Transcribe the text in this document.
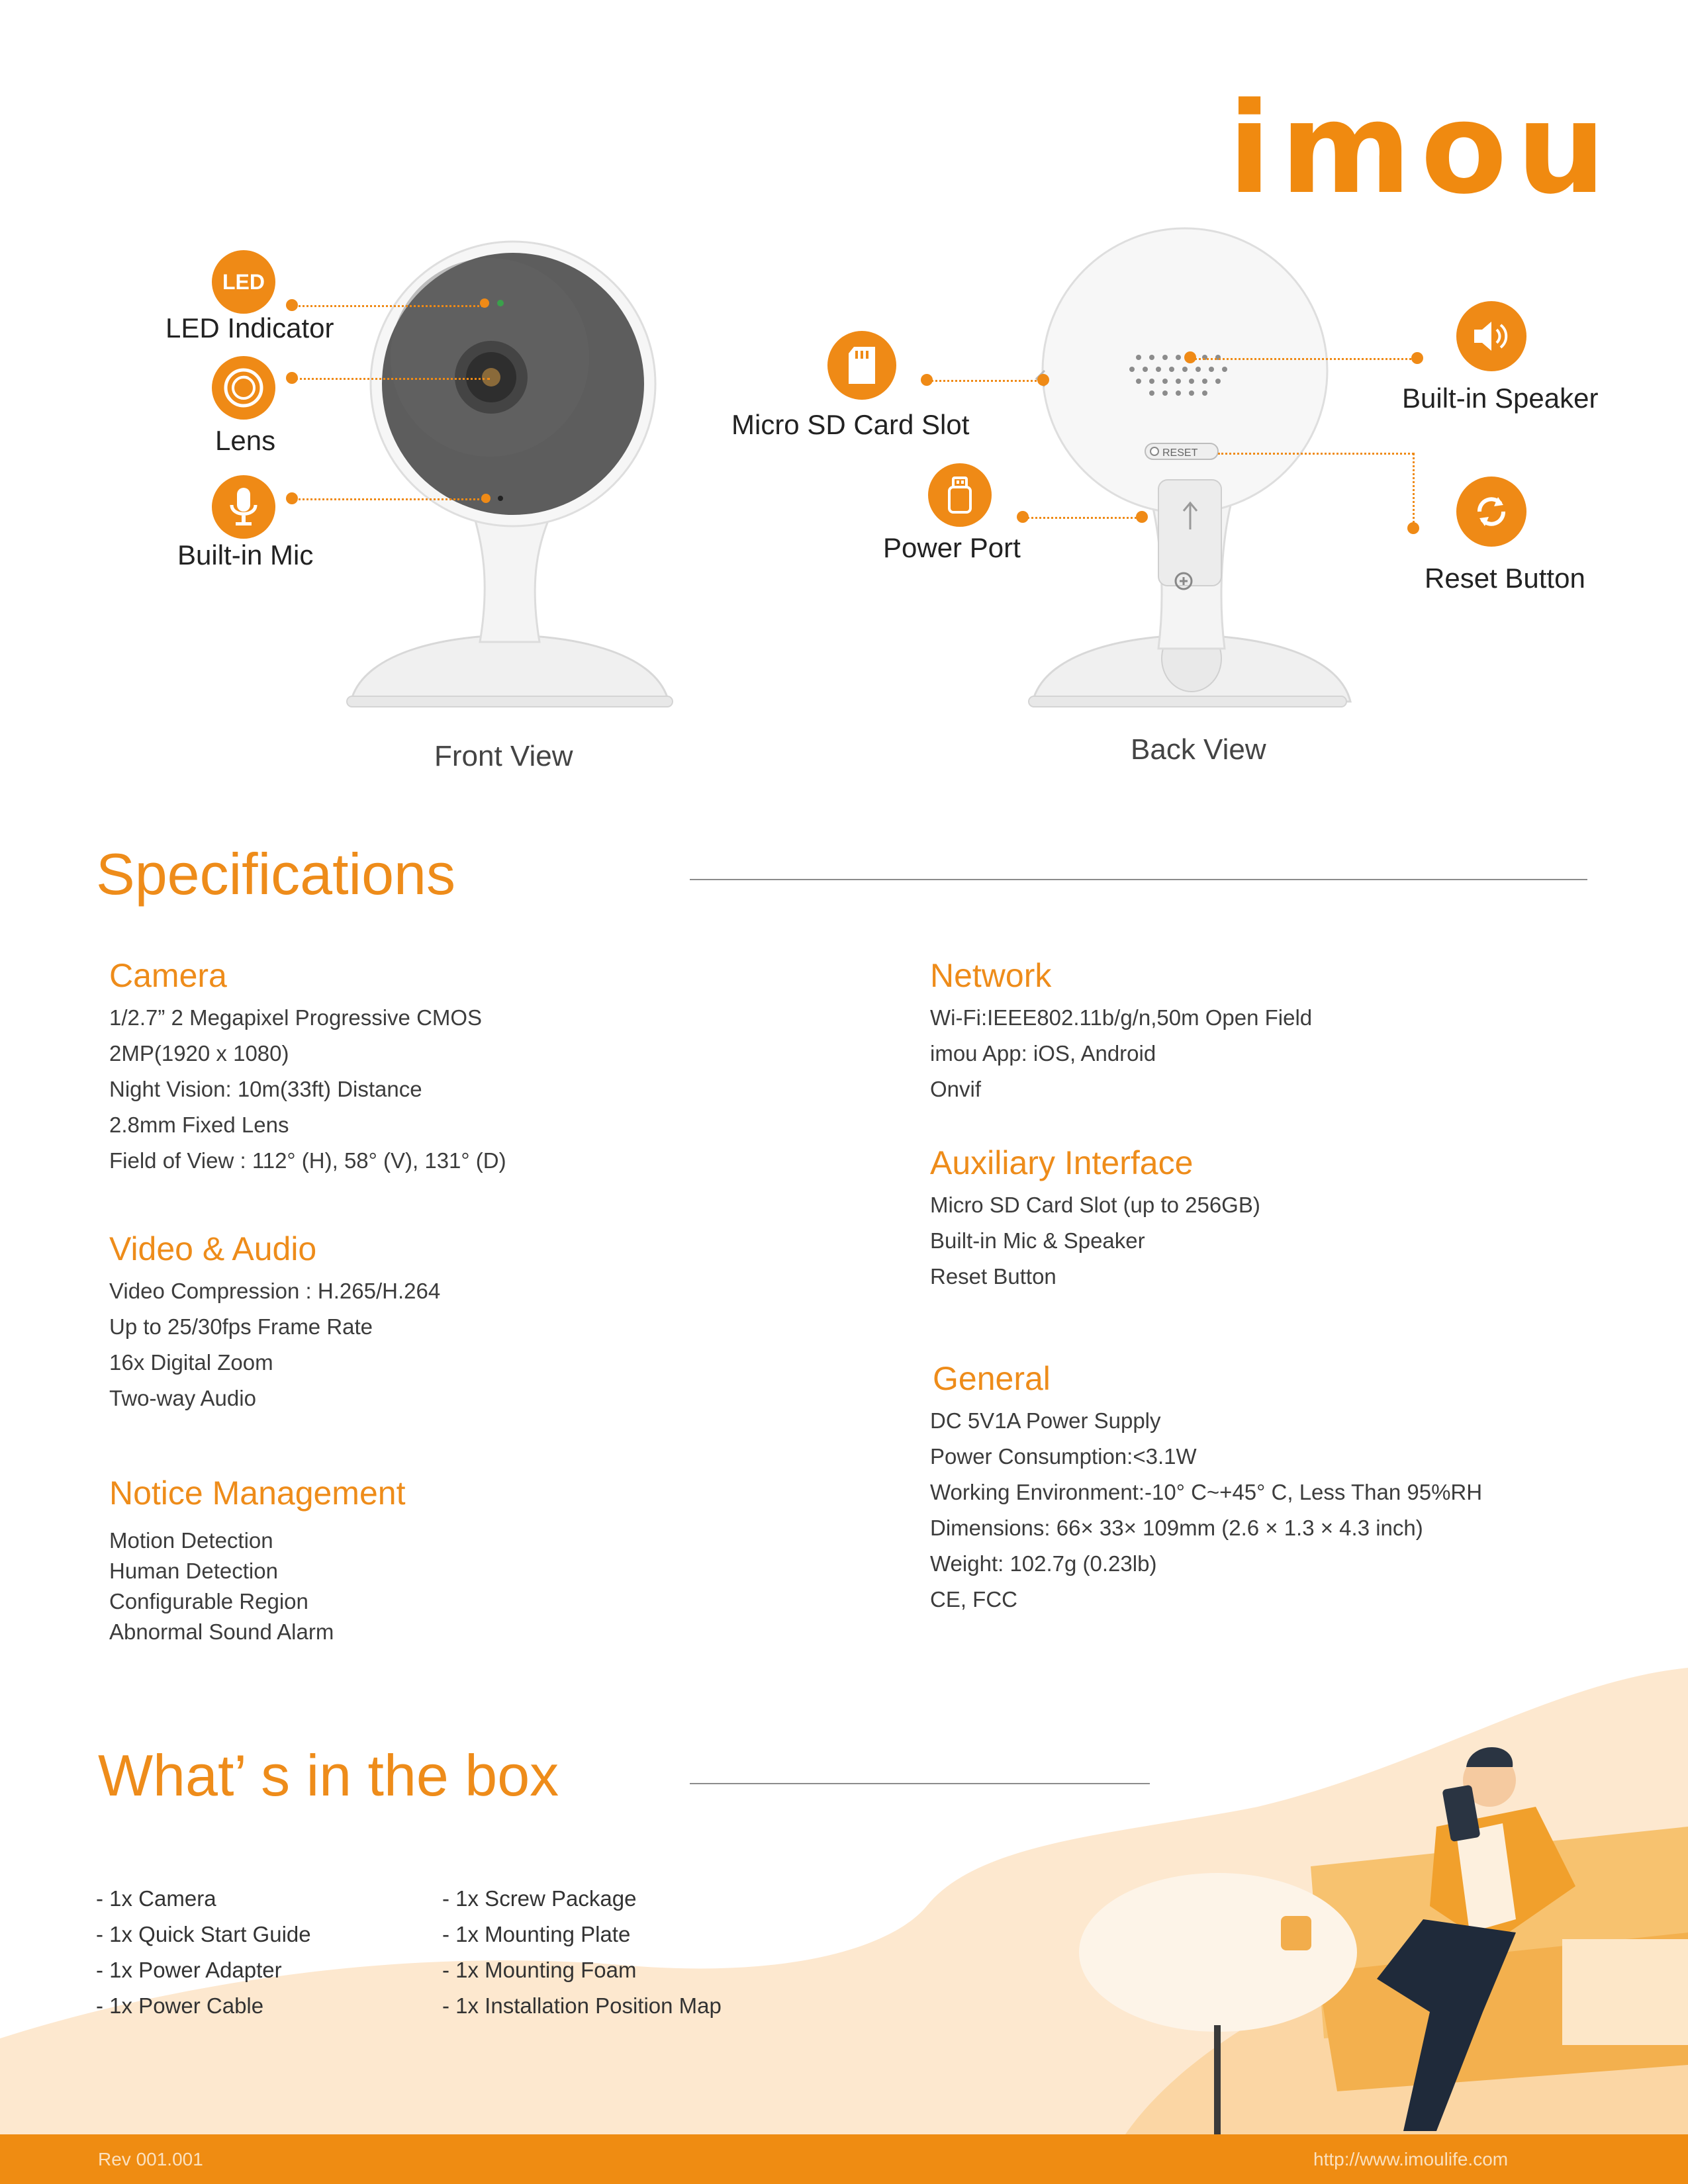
imou
LED
LED Indicator
Lens
Built-in Mic
Front View
RESET
Micro SD Card Slot
Power Port
Built-in Speaker
Reset Button
Back View
Specifications
Camera
1/2.7” 2 Megapixel Progressive CMOS
2MP(1920 x 1080)
Night Vision: 10m(33ft) Distance
2.8mm Fixed Lens
Field of View : 112° (H), 58° (V), 131° (D)
Video & Audio
Video Compression : H.265/H.264
Up to 25/30fps Frame Rate
16x Digital Zoom
Two-way Audio
Notice Management
Motion Detection
Human Detection
Configurable Region
Abnormal Sound Alarm
Network
Wi-Fi:IEEE802.11b/g/n,50m Open Field
imou App: iOS, Android
Onvif
Auxiliary Interface
Micro SD Card Slot (up to 256GB)
Built-in Mic & Speaker
Reset Button
General
DC 5V1A Power Supply
Power Consumption:<3.1W
Working Environment:-10° C~+45° C, Less Than 95%RH
Dimensions: 66× 33× 109mm (2.6 × 1.3 × 4.3 inch)
Weight: 102.7g (0.23lb)
CE, FCC
What’ s in the box
- 1x Camera
- 1x Quick Start Guide
- 1x Power Adapter
- 1x Power Cable
- 1x Screw Package
- 1x Mounting Plate
- 1x Mounting Foam
- 1x Installation Position Map
Rev 001.001	http://www.imoulife.com
